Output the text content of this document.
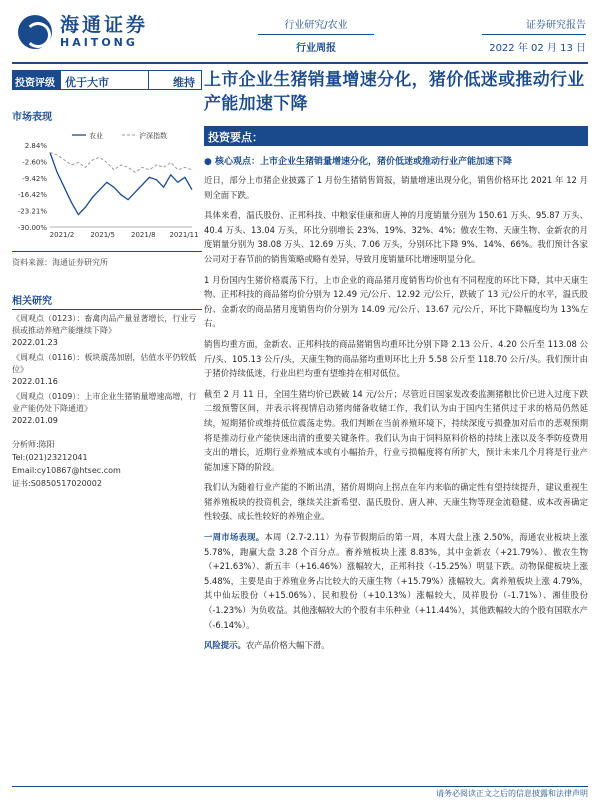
海通证券
HAITONG
行业研究/农业
行业周报
证券研究报告
2022 年 02 月 13 日
投资评级 优于大市	维持
市场表现
2.84%
-2.60%
-9.42%
-16.42%
-23.21%
-30.00%
2021/2 2021/5 2021/8 2021/11
农业	沪深指数
资料来源：海通证券研究所
相关研究
《周观点（0123）：畜禽肉品产量显著增长，行业亏损或推动养殖产能继续下降》
2022.01.23
《周观点（0116）：板块震荡加剧，估值水平仍较低位》
2022.01.16
《周观点（0109）：上市企业生猪销量增速高增，行业产能仍处下降通道》
2022.01.09
分析师:陈阳
Tel:(021)23212041
Email:cy10867@htsec.com
证书:S0850517020002
上市企业生猪销量增速分化，猪价低迷或推动行业产能加速下降
投资要点：
● 核心观点：上市企业生猪销量增速分化，猪价低迷或推动行业产能加速下降
近日，部分上市猪企业披露了 1 月份生猪销售简报，销量增速出现分化，销售价格环比 2021 年 12 月则全面下跌。
具体来看，温氏股份、正邦科技、中粮家佳康和唐人神的月度销量分别为 150.61 万头、95.87 万头、40.4 万头、13.04 万头，环比分别增长 23%、19%、32%、4%；傲农生物、天康生物、金新农的月度销量分别为 38.08 万头、12.69 万头、7.06 万头，分别环比下降 9%、14%、66%。我们预计各家公司对于春节前的销售策略或略有差异，导致月度销量环比增速明显分化。
1 月份国内生猪价格震荡下行，上市企业的商品猪月度销售均价也有不同程度的环比下降，其中天康生物、正邦科技的商品猪均价分别为 12.49 元/公斤、12.92 元/公斤，跌破了 13 元/公斤的水平，温氏股份、金新农的商品猪月度销售均价分别为 14.09 元/公斤、13.67 元/公斤，环比下降幅度均为 13%左右。
销售均重方面，金新农、正邦科技的商品猪销售均重环比分别下降 2.13 公斤、4.20 公斤至 113.08 公斤/头、105.13 公斤/头，天康生物的商品猪均重则环比上升 5.58 公斤至 118.70 公斤/头。我们预计由于猪价持续低迷，行业出栏均重有望维持在相对低位。
截至 2 月 11 日，全国生猪均价已跌破 14 元/公斤；尽管近日国家发改委监测猪粮比价已进入过度下跌二级预警区间，并表示将视情启动猪肉储备收储工作，我们认为由于国内生猪供过于求的格局仍然延续，短期猪价或维持低位震荡走势。我们判断在当前养殖环境下，持续深度亏损叠加对后市的悲观预期将是推动行业产能快速出清的重要关键条件。我们认为由于饲料原料价格的持续上涨以及冬季防疫费用支出的增长，近期行业养殖成本或有小幅抬升，行业亏损幅度将有所扩大，预计未来几个月将是行业产能加速下降的阶段。
我们认为随着行业产能的不断出清，猪价周期向上拐点在年内来临的确定性有望持续提升，建议重视生猪养殖板块的投资机会，继续关注新希望、温氏股份、唐人神、天康生物等现金流稳健、成本改善确定性较强、成长性较好的养殖企业。
一周市场表现。本周（2.7-2.11）为春节假期后的第一周，本周大盘上涨 2.50%，海通农业板块上涨 5.78%，跑赢大盘 3.28 个百分点。畜养殖板块上涨 8.83%，其中金新农（+21.79%）、傲农生物（+21.63%）、新五丰（+16.46%）涨幅较大，正邦科技（-15.25%）明显下跌。动物保健板块上涨 5.48%，主要是由于养殖业务占比较大的天康生物（+15.79%）涨幅较大。禽养殖板块上涨 4.79%，其中仙坛股份（+15.06%）、民和股份（+10.13%）涨幅较大，凤祥股份（-1.71%）、湘佳股份（-1.23%）为负收益。其他涨幅较大的个股有丰乐种业（+11.44%），其他跌幅较大的个股有国联水产（-6.14%）。
风险提示。农产品价格大幅下滑。
请务必阅读正文之后的信息披露和法律声明
